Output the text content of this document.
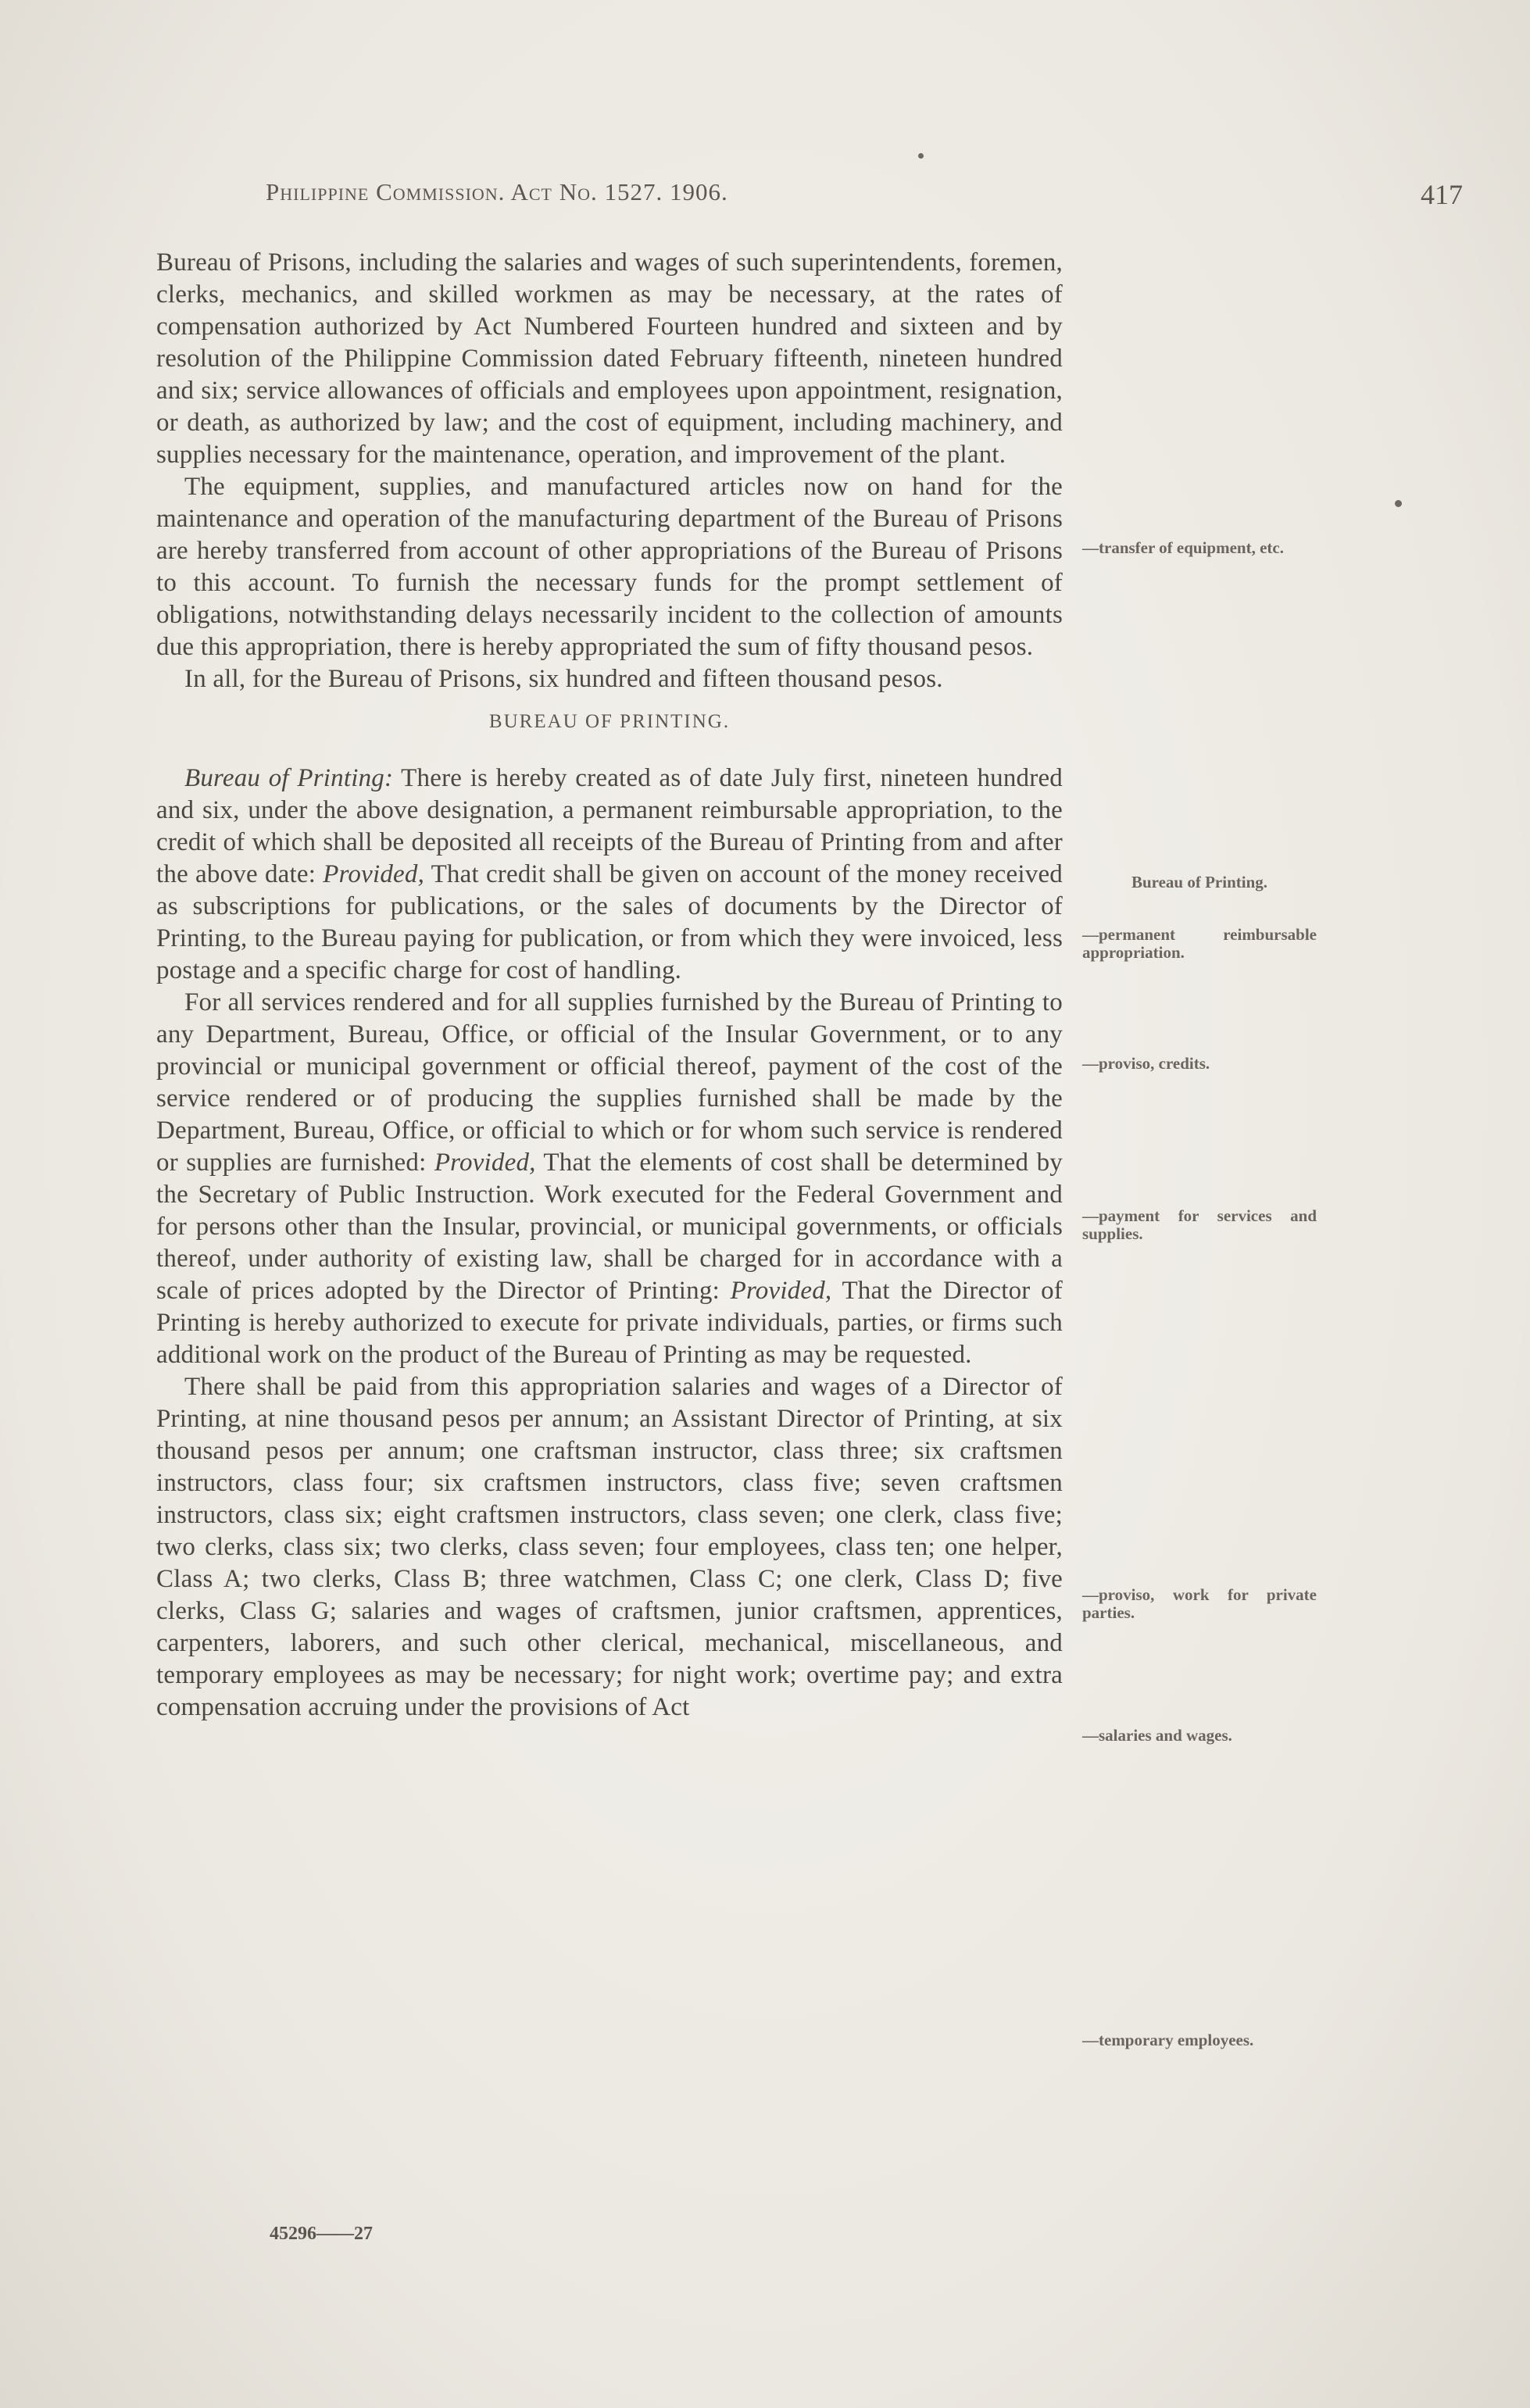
Philippine Commission. Act No. 1527. 1906.	417

Bureau of Prisons, including the salaries and wages of such superintendents, foremen, clerks, mechanics, and skilled workmen as may be necessary, at the rates of compensation authorized by Act Numbered Fourteen hundred and sixteen and by resolution of the Philippine Commission dated February fifteenth, nineteen hundred and six; service allowances of officials and employees upon appointment, resignation, or death, as authorized by law; and the cost of equipment, including machinery, and supplies necessary for the maintenance, operation, and improvement of the plant.

The equipment, supplies, and manufactured articles now on hand for the maintenance and operation of the manufacturing department of the Bureau of Prisons are hereby transferred from account of other appropriations of the Bureau of Prisons to this account. To furnish the necessary funds for the prompt settlement of obligations, notwithstanding delays necessarily incident to the collection of amounts due this appropriation, there is hereby appropriated the sum of fifty thousand pesos.

In all, for the Bureau of Prisons, six hundred and fifteen thousand pesos.

BUREAU OF PRINTING.

Bureau of Printing: There is hereby created as of date July first, nineteen hundred and six, under the above designation, a permanent reimbursable appropriation, to the credit of which shall be deposited all receipts of the Bureau of Printing from and after the above date: Provided, That credit shall be given on account of the money received as subscriptions for publications, or the sales of documents by the Director of Printing, to the Bureau paying for publication, or from which they were invoiced, less postage and a specific charge for cost of handling.

For all services rendered and for all supplies furnished by the Bureau of Printing to any Department, Bureau, Office, or official of the Insular Government, or to any provincial or municipal government or official thereof, payment of the cost of the service rendered or of producing the supplies furnished shall be made by the Department, Bureau, Office, or official to which or for whom such service is rendered or supplies are furnished: Provided, That the elements of cost shall be determined by the Secretary of Public Instruction. Work executed for the Federal Government and for persons other than the Insular, provincial, or municipal governments, or officials thereof, under authority of existing law, shall be charged for in accordance with a scale of prices adopted by the Director of Printing: Provided, That the Director of Printing is hereby authorized to execute for private individuals, parties, or firms such additional work on the product of the Bureau of Printing as may be requested.

There shall be paid from this appropriation salaries and wages of a Director of Printing, at nine thousand pesos per annum; an Assistant Director of Printing, at six thousand pesos per annum; one craftsman instructor, class three; six craftsmen instructors, class four; six craftsmen instructors, class five; seven craftsmen instructors, class six; eight craftsmen instructors, class seven; one clerk, class five; two clerks, class six; two clerks, class seven; four employees, class ten; one helper, Class A; two clerks, Class B; three watchmen, Class C; one clerk, Class D; five clerks, Class G; salaries and wages of craftsmen, junior craftsmen, apprentices, carpenters, laborers, and such other clerical, mechanical, miscellaneous, and temporary employees as may be necessary; for night work; overtime pay; and extra compensation accruing under the provisions of Act

—transfer of equipment, etc.
Bureau of Printing.
—permanent reimbursable appropriation.
—proviso, credits.
—payment for services and supplies.
—proviso, work for private parties.
—salaries and wages.
—temporary employees.
45296——27
